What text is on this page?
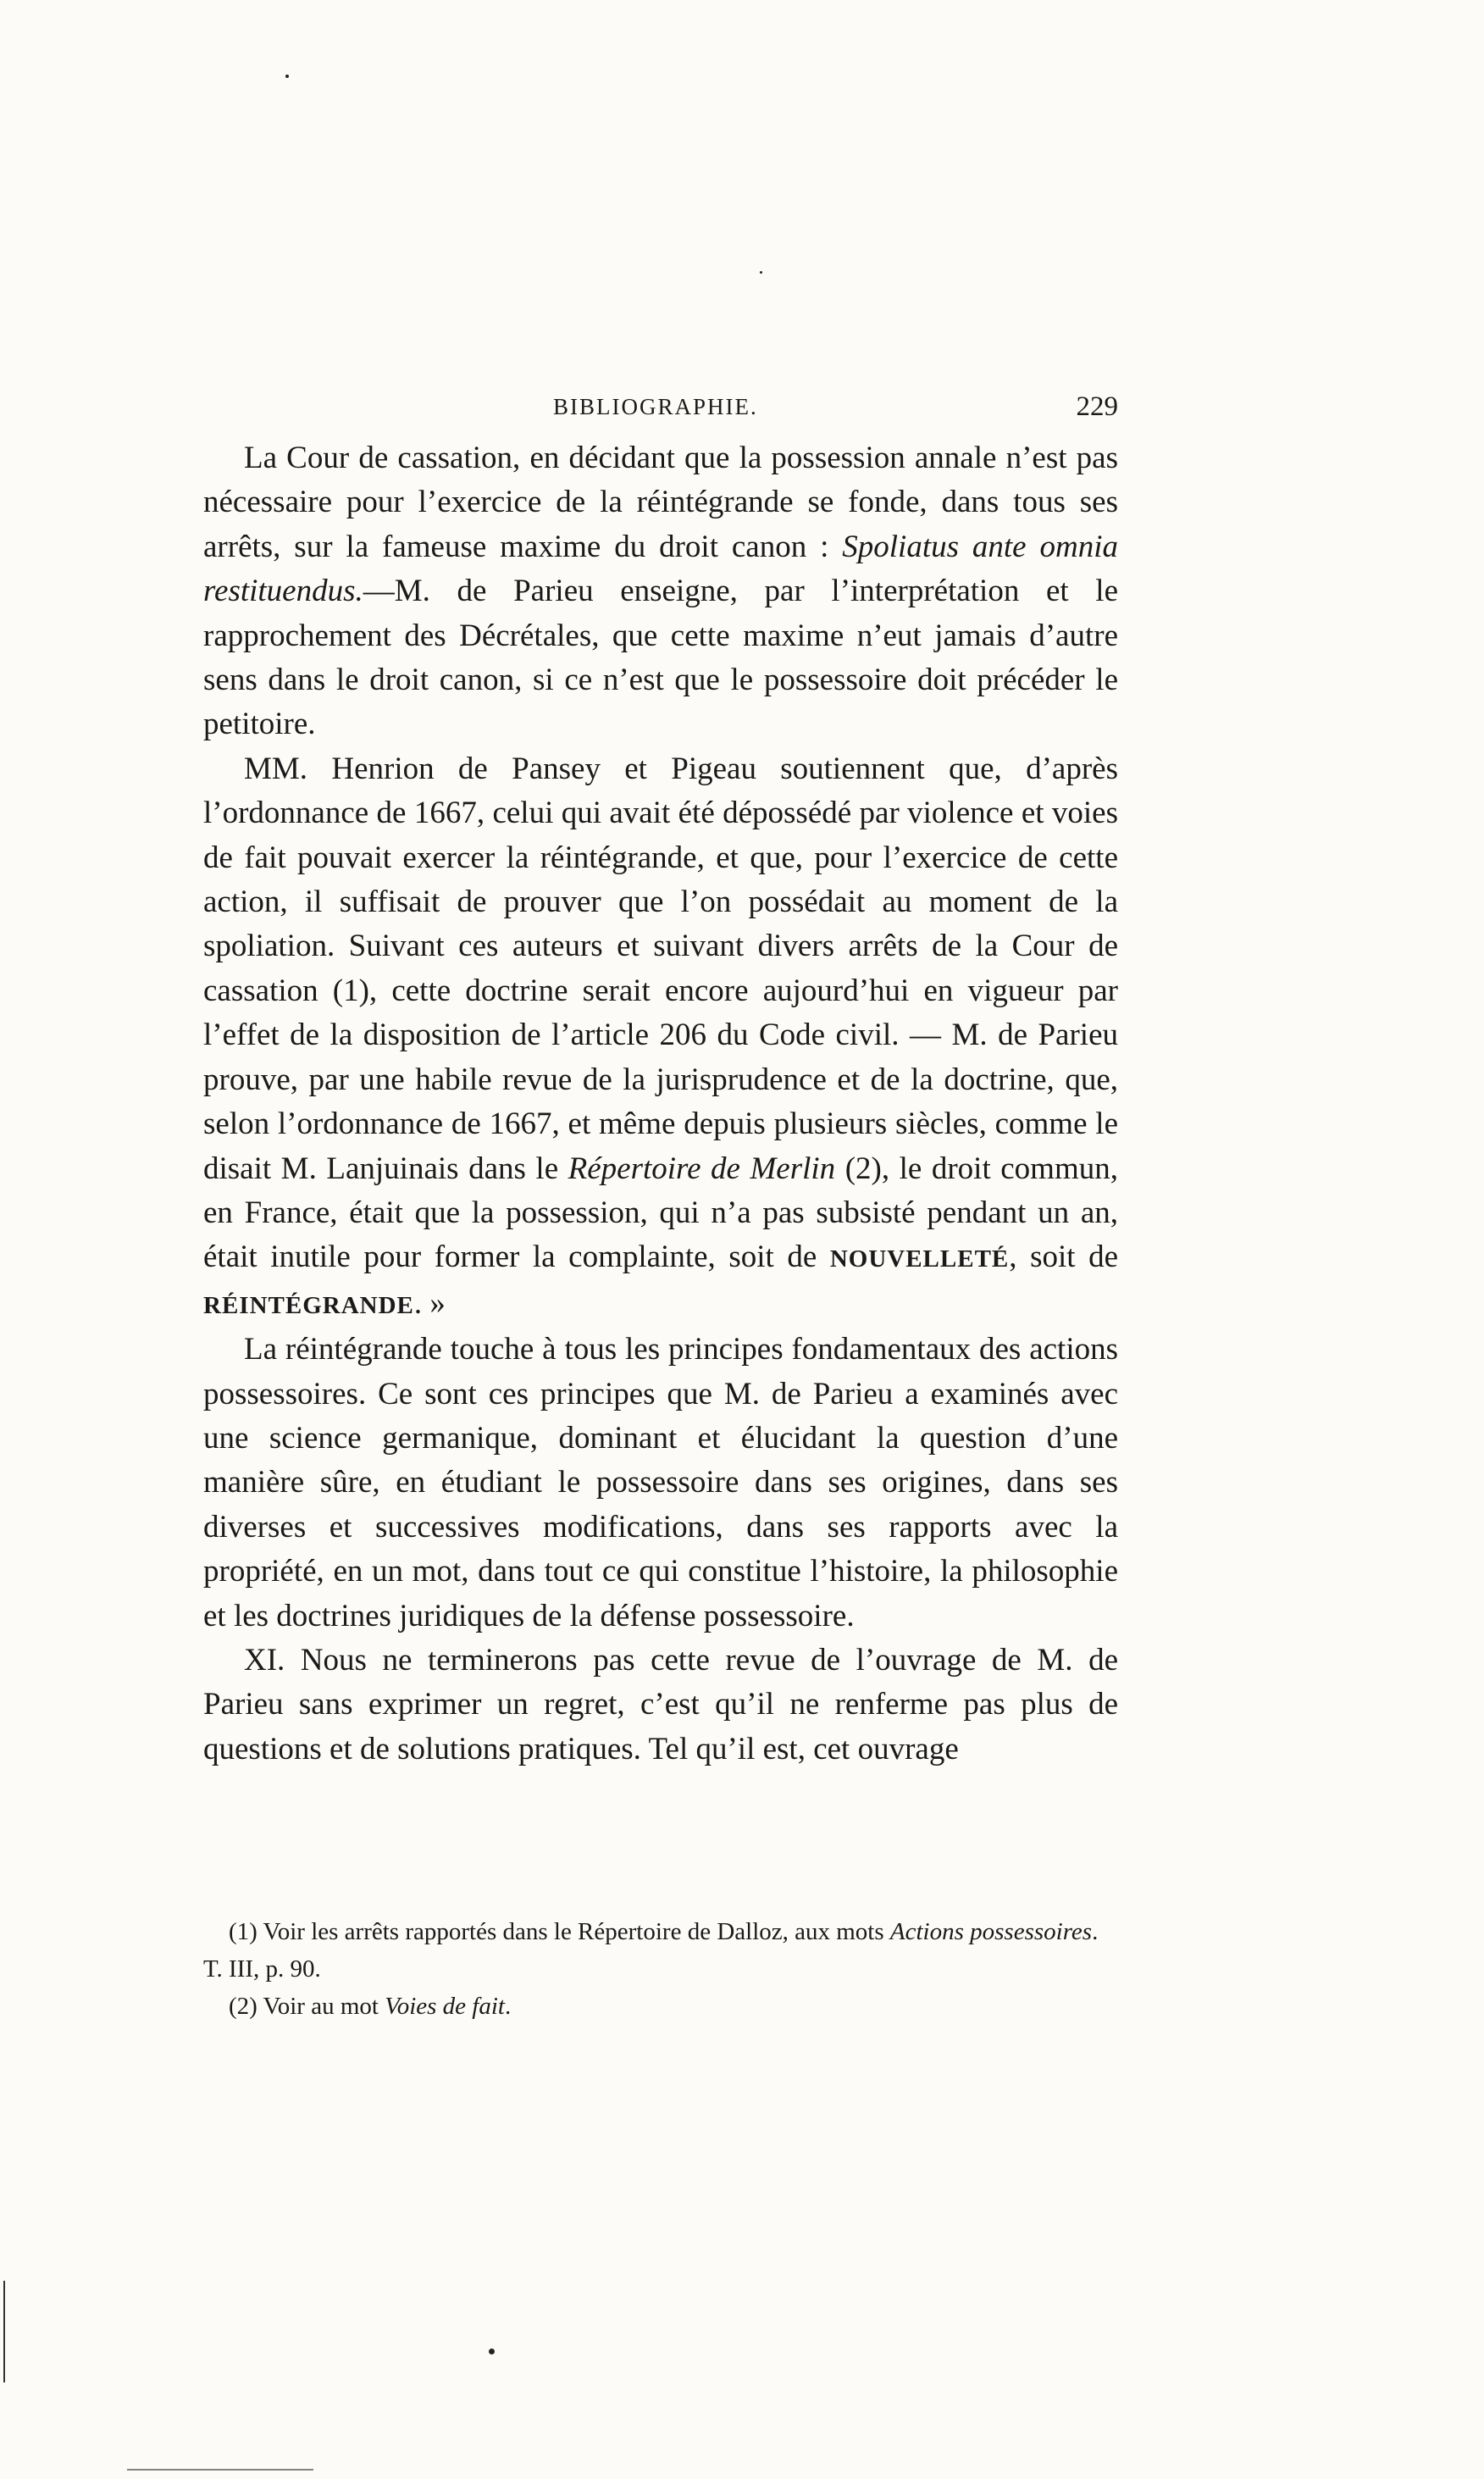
BIBLIOGRAPHIE.	229

La Cour de cassation, en décidant que la possession annale n’est pas nécessaire pour l’exercice de la réintégrande se fonde, dans tous ses arrêts, sur la fameuse maxime du droit canon : Spoliatus ante omnia restituendus.—M. de Parieu enseigne, par l’interprétation et le rapprochement des Décrétales, que cette maxime n’eut jamais d’autre sens dans le droit canon, si ce n’est que le possessoire doit précéder le petitoire.

MM. Henrion de Pansey et Pigeau soutiennent que, d’après l’ordonnance de 1667, celui qui avait été dépossédé par violence et voies de fait pouvait exercer la réintégrande, et que, pour l’exercice de cette action, il suffisait de prouver que l’on possédait au moment de la spoliation. Suivant ces auteurs et suivant divers arrêts de la Cour de cassation (1), cette doctrine serait encore aujourd’hui en vigueur par l’effet de la disposition de l’article 206 du Code civil. — M. de Parieu prouve, par une habile revue de la jurisprudence et de la doctrine, que, selon l’ordonnance de 1667, et même depuis plusieurs siècles, comme le disait M. Lanjuinais dans le Répertoire de Merlin (2), le droit commun, en France, était que la possession, qui n’a pas subsisté pendant un an, était inutile pour former la complainte, soit de NOUVELLETÉ, soit de RÉINTÉGRANDE. »

La réintégrande touche à tous les principes fondamentaux des actions possessoires. Ce sont ces principes que M. de Parieu a examinés avec une science germanique, dominant et élucidant la question d’une manière sûre, en étudiant le possessoire dans ses origines, dans ses diverses et successives modifications, dans ses rapports avec la propriété, en un mot, dans tout ce qui constitue l’histoire, la philosophie et les doctrines juridiques de la défense possessoire.

XI. Nous ne terminerons pas cette revue de l’ouvrage de M. de Parieu sans exprimer un regret, c’est qu’il ne renferme pas plus de questions et de solutions pratiques. Tel qu’il est, cet ouvrage

(1) Voir les arrêts rapportés dans le Répertoire de Dalloz, aux mots Actions possessoires. T. III, p. 90.

(2) Voir au mot Voies de fait.
